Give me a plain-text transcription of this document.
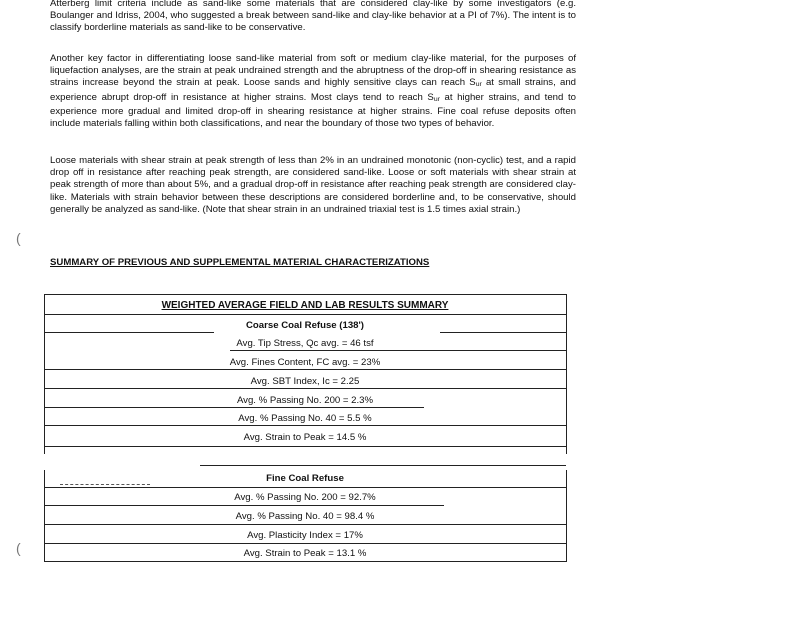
Atterberg limit criteria include as sand-like some materials that are considered clay-like by some investigators (e.g. Boulanger and Idriss, 2004, who suggested a break between sand-like and clay-like behavior at a PI of 7%). The intent is to classify borderline materials as sand-like to be conservative.

Another key factor in differentiating loose sand-like material from soft or medium clay-like material, for the purposes of liquefaction analyses, are the strain at peak undrained strength and the abruptness of the drop-off in shearing resistance as strains increase beyond the strain at peak. Loose sands and highly sensitive clays can reach Sur at small strains, and experience abrupt drop-off in resistance at higher strains. Most clays tend to reach Sur at higher strains, and tend to experience more gradual and limited drop-off in shearing resistance at higher strains. Fine coal refuse deposits often include materials falling within both classifications, and near the boundary of those two types of behavior.

Loose materials with shear strain at peak strength of less than 2% in an undrained monotonic (non-cyclic) test, and a rapid drop off in resistance after reaching peak strength, are considered sand-like. Loose or soft materials with shear strain at peak strength of more than about 5%, and a gradual drop-off in resistance after reaching peak strength are considered clay-like. Materials with strain behavior between these descriptions are considered borderline and, to be conservative, should generally be analyzed as sand-like. (Note that shear strain in an undrained triaxial test is 1.5 times axial strain.)

SUMMARY OF PREVIOUS AND SUPPLEMENTAL MATERIAL CHARACTERIZATIONS
(
(
WEIGHTED AVERAGE FIELD AND LAB RESULTS SUMMARY
Coarse Coal Refuse (138')
Avg. Tip Stress, Qc avg. = 46 tsf
Avg. Fines Content, FC avg. = 23%
Avg. SBT Index, Ic = 2.25
Avg. % Passing No. 200 = 2.3%
Avg. % Passing No. 40 = 5.5 %
Avg. Strain to Peak = 14.5 %
Fine Coal Refuse
Avg. % Passing No. 200 = 92.7%
Avg. % Passing No. 40 = 98.4 %
Avg. Plasticity Index = 17%
Avg. Strain to Peak = 13.1 %
